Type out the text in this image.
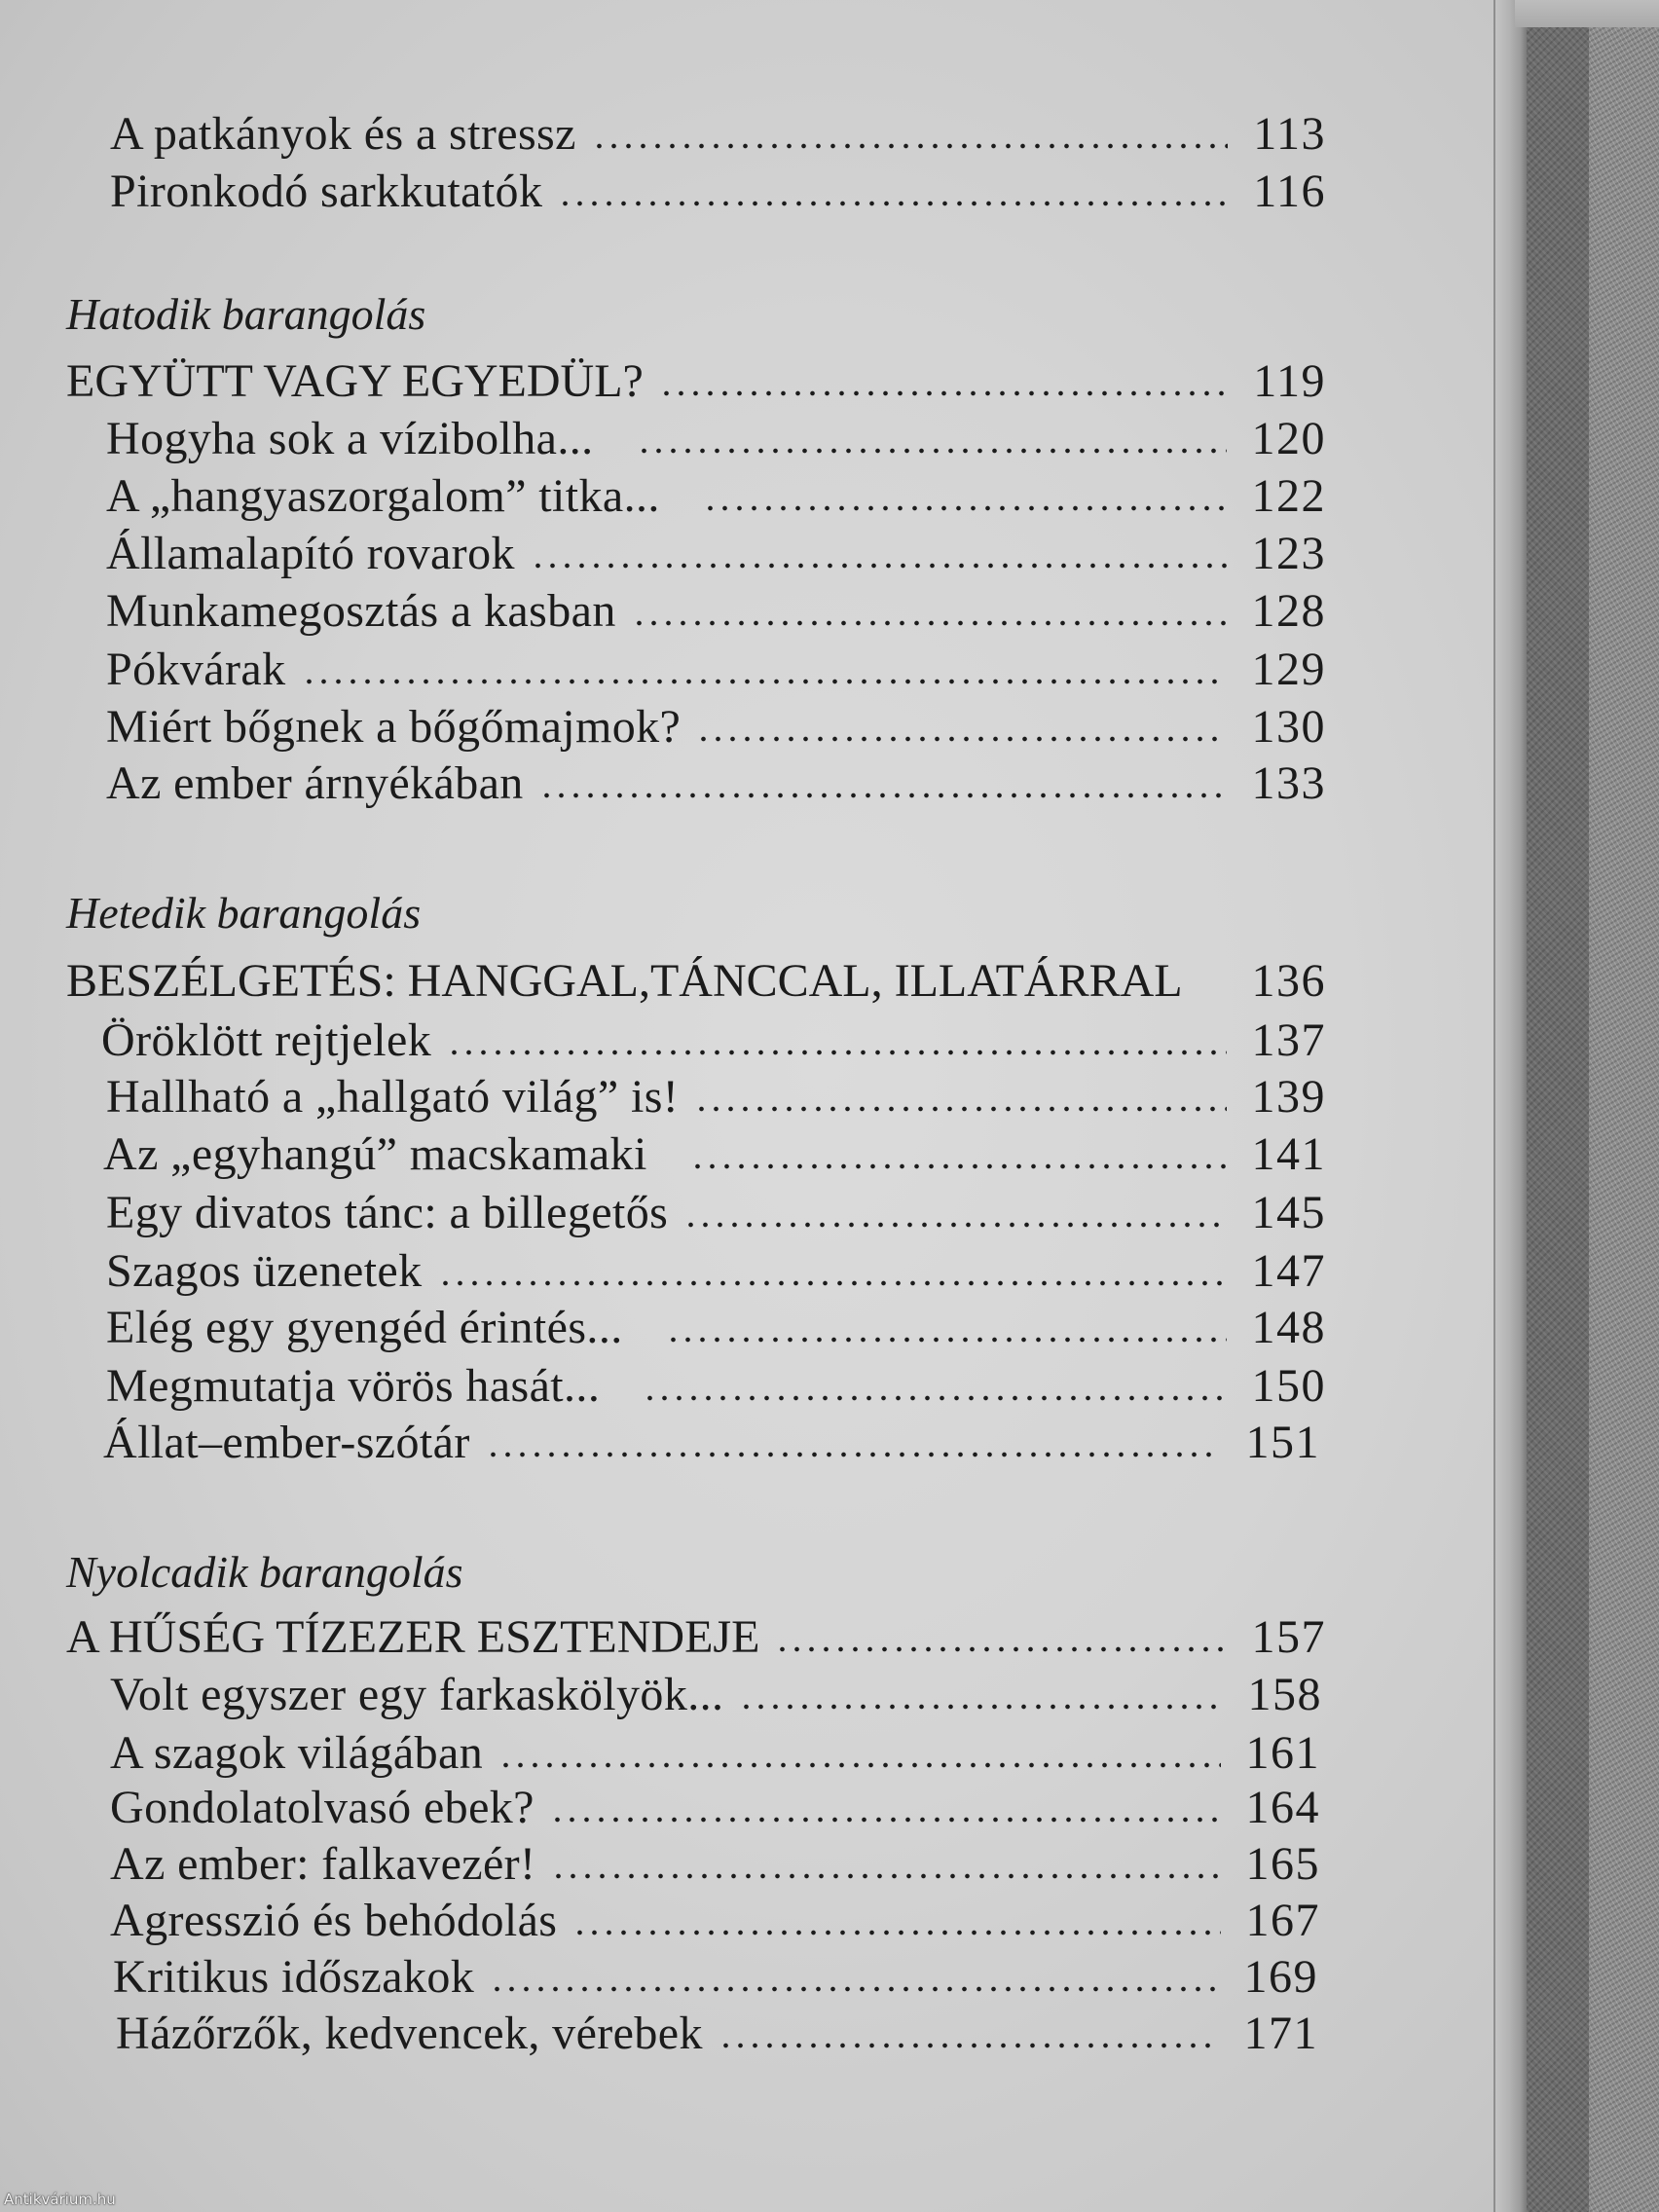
A patkányok és a stressz	113
Pironkodó sarkkutatók	116
Hatodik barangolás
EGYÜTT VAGY EGYEDÜL?	119
Hogyha sok a vízibolha...	120
A „hangyaszorgalom” titka...	122
Államalapító rovarok	123
Munkamegosztás a kasban	128
Pókvárak	129
Miért bőgnek a bőgőmajmok?	130
Az ember árnyékában	133
Hetedik barangolás
BESZÉLGETÉS: HANGGAL,TÁNCCAL, ILLATÁRRAL 136
Öröklött rejtjelek	137
Hallható a „hallgató világ” is!	139
Az „egyhangú” macskamaki	141
Egy divatos tánc: a billegetős	145
Szagos üzenetek	147
Elég egy gyengéd érintés...	148
Megmutatja vörös hasát...	150
Állat–ember-szótár	151
Nyolcadik barangolás
A HŰSÉG TÍZEZER ESZTENDEJE	157
Volt egyszer egy farkaskölyök...	158
A szagok világában	161
Gondolatolvasó ebek?	164
Az ember: falkavezér!	165
Agresszió és behódolás	167
Kritikus időszakok	169
Házőrzők, kedvencek, vérebek	171
Antikvárium.hu
